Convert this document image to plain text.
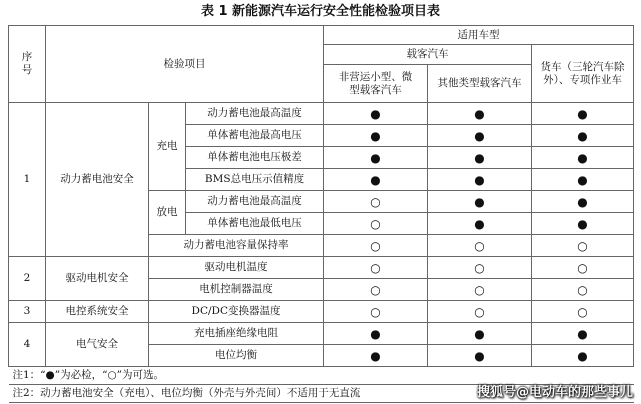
表 1 新能源汽车运行安全性能检验项目表
序
号	检验项目			适用车型		
				载客汽车		货车（三轮汽车除外）、专项作业车

				非营运小型、微型载客汽车	其他类型载客汽车	

1	动力蓄电池安全	充电	动力蓄电池最高温度	●	●	●
			单体蓄电池最高电压	●	●	●
			单体蓄电池电压极差	●	●	●
			BMS总电压示值精度	●	●	●
		放电	动力蓄电池最高温度	○	●	●
			单体蓄电池最低电压	○	●	●
		动力蓄电池容量保持率		○	○	○
2	驱动电机安全	驱动电机温度		○	○	○
		电机控制器温度		○	○	○
3	电控系统安全	DC/DC变换器温度		○	○	○
4	电气安全	充电插座绝缘电阻		●	●	●
		电位均衡		●	●	●
注1：“●”为必检，“○”为可选。						
注2：动力蓄电池安全（充电）、电位均衡（外壳与外壳间）不适用于无直流							搜狐号@电动车的那些事儿
